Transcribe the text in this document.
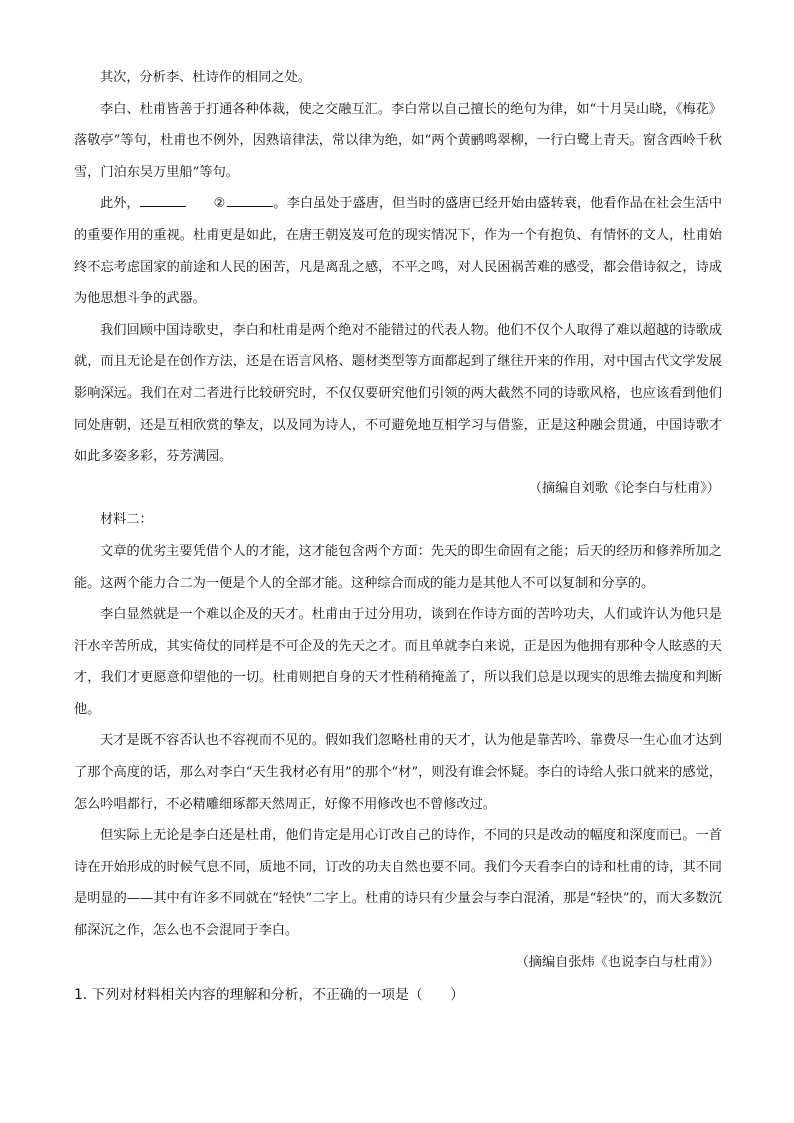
其次，分析李、杜诗作的相同之处。

李白、杜甫皆善于打通各种体裁，使之交融互汇。李白常以自己擅长的绝句为律，如“十月吴山晓，《梅花》落敬亭”等句，杜甫也不例外，因熟谙律法，常以律为绝，如“两个黄鹂鸣翠柳，一行白鹭上青天。窗含西岭千秋雪，门泊东吴万里船”等句。

此外，	②	。李白虽处于盛唐，但当时的盛唐已经开始由盛转衰，他看作品在社会生活中的重要作用的重视。杜甫更是如此，在唐王朝岌岌可危的现实情况下，作为一个有抱负、有情怀的文人，杜甫始终不忘考虑国家的前途和人民的困苦，凡是离乱之感，不平之鸣，对人民困祸苦难的感受，都会借诗叙之，诗成为他思想斗争的武器。

我们回顾中国诗歌史，李白和杜甫是两个绝对不能错过的代表人物。他们不仅个人取得了难以超越的诗歌成就，而且无论是在创作方法，还是在语言风格、题材类型等方面都起到了继往开来的作用，对中国古代文学发展影响深远。我们在对二者进行比较研究时，不仅仅要研究他们引领的两大截然不同的诗歌风格，也应该看到他们同处唐朝，还是互相欣赏的挚友，以及同为诗人，不可避免地互相学习与借鉴，正是这种融会贯通，中国诗歌才如此多姿多彩，芬芳满园。

（摘编自刘歌《论李白与杜甫》）

材料二：

文章的优劣主要凭借个人的才能，这才能包含两个方面：先天的即生命固有之能；后天的经历和修养所加之能。这两个能力合二为一便是个人的全部才能。这种综合而成的能力是其他人不可以复制和分享的。

李白显然就是一个难以企及的天才。杜甫由于过分用功，谈到在作诗方面的苦吟功夫，人们或许认为他只是汗水辛苦所成，其实倚仗的同样是不可企及的先天之才。而且单就李白来说，正是因为他拥有那种令人眩惑的天才，我们才更愿意仰望他的一切。杜甫则把自身的天才性稍稍掩盖了，所以我们总是以现实的思维去揣度和判断他。

天才是既不容否认也不容视而不见的。假如我们忽略杜甫的天才，认为他是靠苦吟、靠费尽一生心血才达到了那个高度的话，那么对李白“天生我材必有用”的那个“材”，则没有谁会怀疑。李白的诗给人张口就来的感觉，怎么吟唱都行，不必精雕细琢都天然周正，好像不用修改也不曾修改过。

但实际上无论是李白还是杜甫，他们肯定是用心订改自己的诗作，不同的只是改动的幅度和深度而已。一首诗在开始形成的时候气息不同，质地不同，订改的功夫自然也要不同。我们今天看李白的诗和杜甫的诗，其不同是明显的——其中有许多不同就在“轻快”二字上。杜甫的诗只有少量会与李白混淆，那是“轻快”的，而大多数沉郁深沉之作，怎么也不会混同于李白。

（摘编自张炜《也说李白与杜甫》）

1. 下列对材料相关内容的理解和分析，不正确的一项是（　　）
